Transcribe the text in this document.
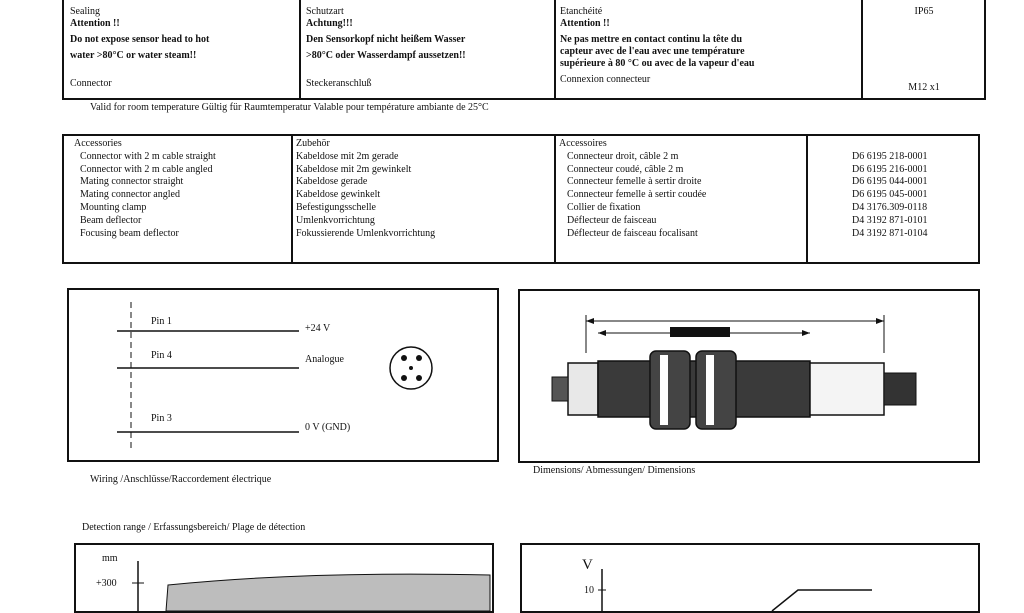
Sealing
Attention !!
Do not expose sensor head to hot
water >80°C or water steam!!
Connector
Schutzart
Achtung!!!
Den Sensorkopf nicht heißem Wasser
>80°C oder Wasserdampf aussetzen!!
Steckeranschluß
Etanchéité
Attention !!
Ne pas mettre en contact continu la tête du
capteur avec de l'eau avec une température
supérieure à 80 °C ou avec de la vapeur d'eau
Connexion connecteur
IP65
M12 x1
Valid for room temperature Gültig für Raumtemperatur Valable pour température ambiante de 25°C
Accessories
Connector with 2 m cable straight
Connector with 2 m cable angled
Mating connector straight
Mating connector angled
Mounting clamp
Beam deflector
Focusing beam deflector
Zubehör
Kabeldose mit 2m gerade
Kabeldose mit 2m gewinkelt
Kabeldose gerade
Kabeldose gewinkelt
Befestigungsschelle
Umlenkvorrichtung
Fokussierende Umlenkvorrichtung
Accessoires
Connecteur droit, câble 2 m
Connecteur coudé, câble 2 m
Connecteur femelle à sertir droite
Connecteur femelle à sertir coudée
Collier de fixation
Déflecteur de faisceau
Déflecteur de faisceau focalisant
D6 6195 218-0001
D6 6195 216-0001
D6 6195 044-0001
D6 6195 045-0001
D4 3176.309-0118
D4 3192 871-0101
D4 3192 871-0104
Pin 1
Pin 4
Pin 3
+24 V
Analogue
0 V (GND)
Wiring /Anschlüsse/Raccordement électrique
Dimensions/ Abmessungen/ Dimensions
Detection range / Erfassungsbereich/ Plage de détection
mm
+300
V
10
